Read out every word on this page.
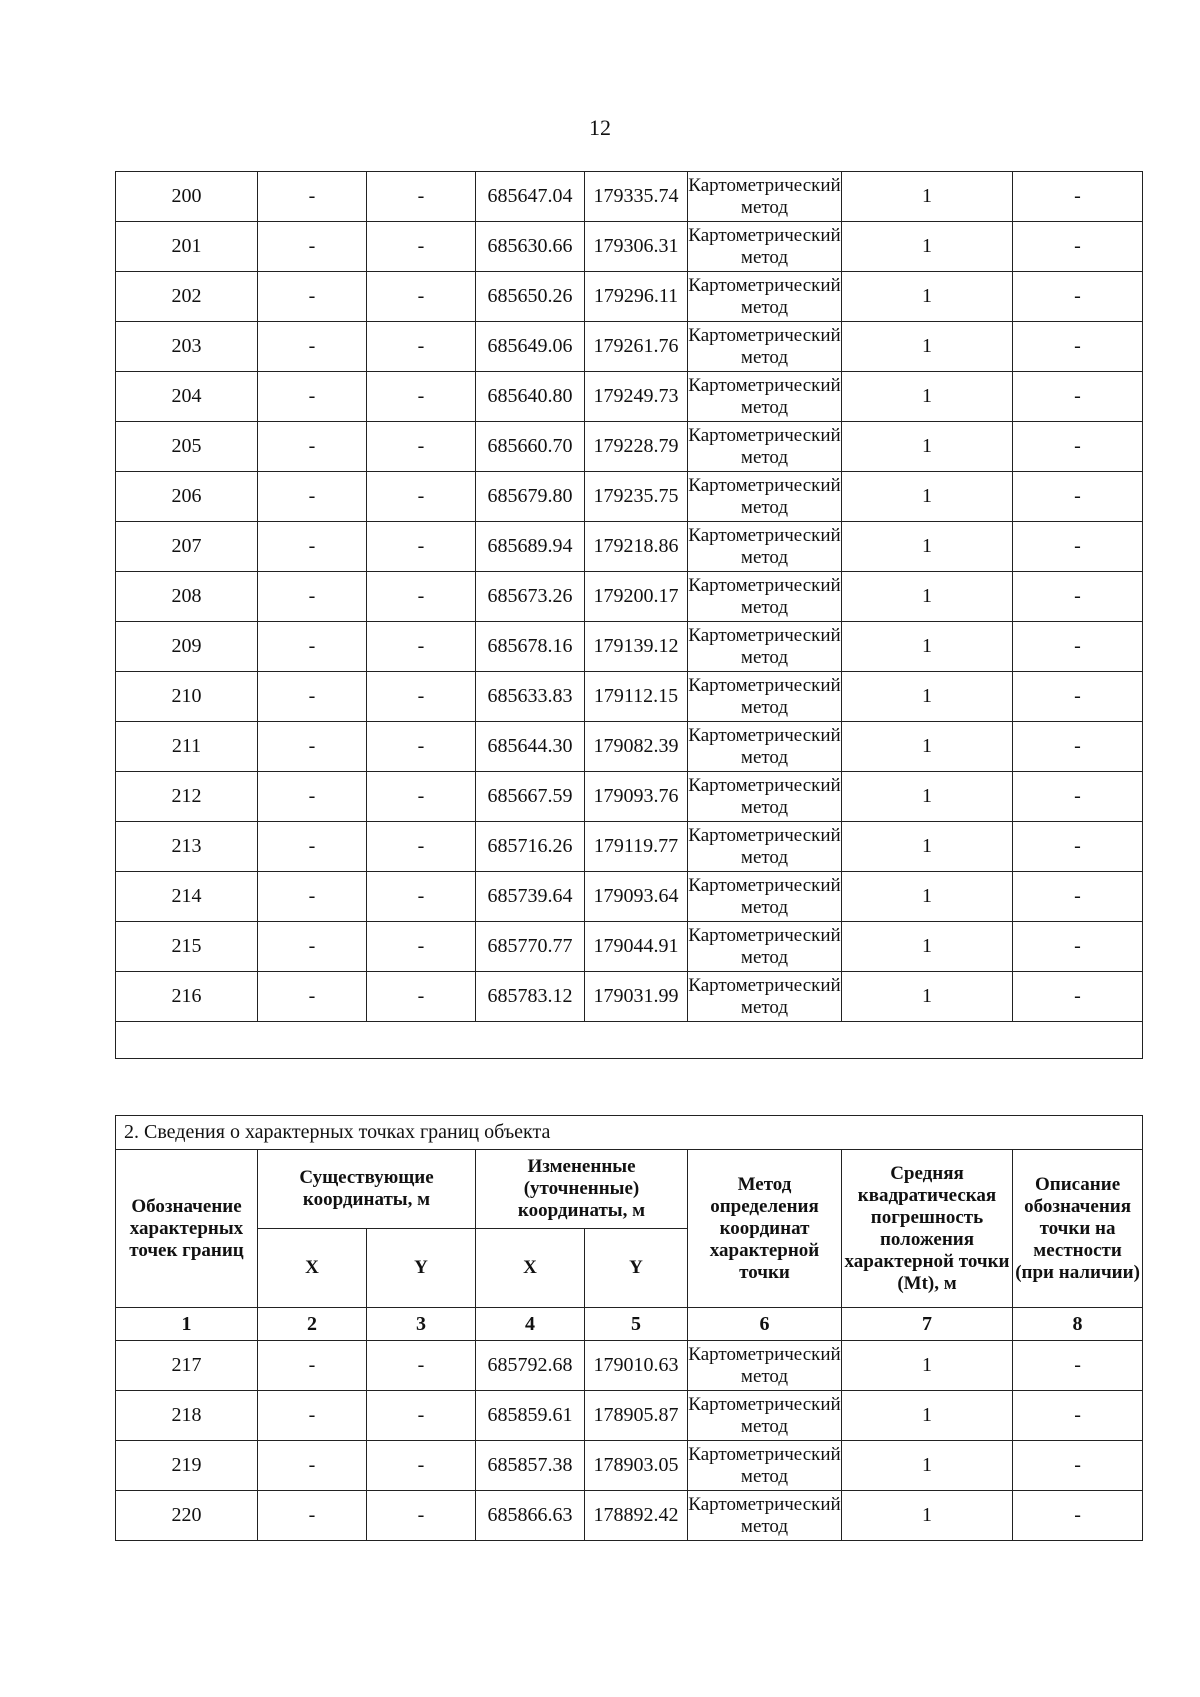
12
200	-	-	685647.04	179335.74	Картометрический метод	1	-
201	-	-	685630.66	179306.31	Картометрический метод	1	-
202	-	-	685650.26	179296.11	Картометрический метод	1	-
203	-	-	685649.06	179261.76	Картометрический метод	1	-
204	-	-	685640.80	179249.73	Картометрический метод	1	-
205	-	-	685660.70	179228.79	Картометрический метод	1	-
206	-	-	685679.80	179235.75	Картометрический метод	1	-
207	-	-	685689.94	179218.86	Картометрический метод	1	-
208	-	-	685673.26	179200.17	Картометрический метод	1	-
209	-	-	685678.16	179139.12	Картометрический метод	1	-
210	-	-	685633.83	179112.15	Картометрический метод	1	-
211	-	-	685644.30	179082.39	Картометрический метод	1	-
212	-	-	685667.59	179093.76	Картометрический метод	1	-
213	-	-	685716.26	179119.77	Картометрический метод	1	-
214	-	-	685739.64	179093.64	Картометрический метод	1	-
215	-	-	685770.77	179044.91	Картометрический метод	1	-
216	-	-	685783.12	179031.99	Картометрический метод	1	-

2. Сведения о характерных точках границ объекта							
Обозначение характерных точек границ	Существующие координаты, м		Измененные (уточненные) координаты, м		Метод определения координат характерной точки	Средняя квадратическая погрешность положения характерной точки (Mt), м	Описание обозначения точки на местности (при наличии)
	X	Y	X	Y			
1	2	3	4	5	6	7	8
217	-	-	685792.68	179010.63	Картометрический метод	1	-
218	-	-	685859.61	178905.87	Картометрический метод	1	-
219	-	-	685857.38	178903.05	Картометрический метод	1	-
220	-	-	685866.63	178892.42	Картометрический метод	1	-
